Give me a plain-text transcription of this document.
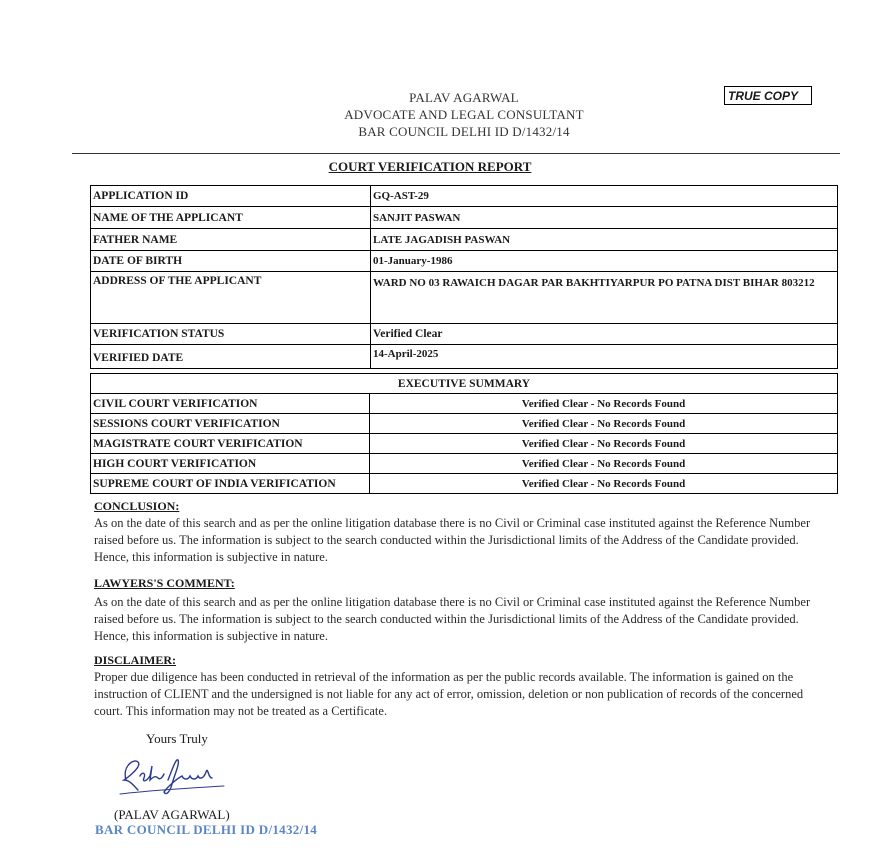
PALAV AGARWAL
ADVOCATE AND LEGAL CONSULTANT
BAR COUNCIL DELHI ID D/1432/14
TRUE COPY
COURT VERIFICATION REPORT
APPLICATION ID	GQ-AST-29
NAME OF THE APPLICANT	SANJIT PASWAN
FATHER NAME	LATE JAGADISH PASWAN
DATE OF BIRTH	01-January-1986
ADDRESS OF THE APPLICANT	WARD NO 03 RAWAICH DAGAR PAR BAKHTIYARPUR PO PATNA DIST BIHAR 803212
VERIFICATION STATUS	Verified Clear
VERIFIED DATE	14-April-2025
EXECUTIVE SUMMARY	
CIVIL COURT VERIFICATION	Verified Clear - No Records Found
SESSIONS COURT VERIFICATION	Verified Clear - No Records Found
MAGISTRATE COURT VERIFICATION	Verified Clear - No Records Found
HIGH COURT VERIFICATION	Verified Clear - No Records Found
SUPREME COURT OF INDIA VERIFICATION	Verified Clear - No Records Found
CONCLUSION:
As on the date of this search and as per the online litigation database there is no Civil or Criminal case instituted against the Reference Number raised before us. The information is subject to the search conducted within the Jurisdictional limits of the Address of the Candidate provided. Hence, this information is subjective in nature.
LAWYERS'S COMMENT:
As on the date of this search and as per the online litigation database there is no Civil or Criminal case instituted against the Reference Number raised before us. The information is subject to the search conducted within the Jurisdictional limits of the Address of the Candidate provided. Hence, this information is subjective in nature.
DISCLAIMER:
Proper due diligence has been conducted in retrieval of the information as per the public records available. The information is gained on the instruction of CLIENT and the undersigned is not liable for any act of error, omission, deletion or non publication of records of the concerned court. This information may not be treated as a Certificate.
Yours Truly
(PALAV AGARWAL)
BAR COUNCIL DELHI ID D/1432/14
